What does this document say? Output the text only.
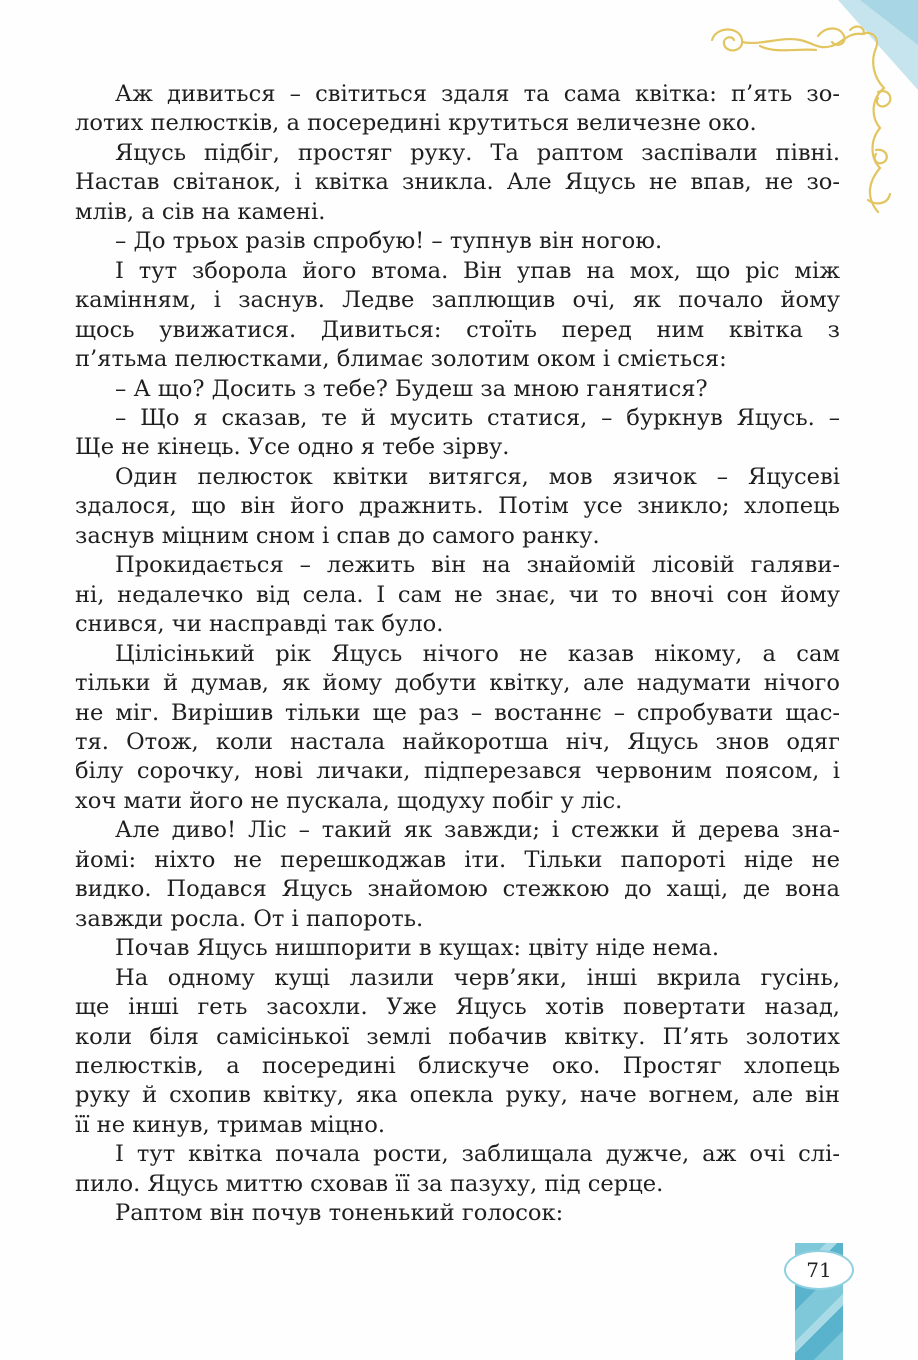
Аж дивиться – світиться здаля та сама квітка: п’ять зо-

лотих пелюстків, а посередині крутиться величезне око.

Яцусь підбіг, простяг руку. Та раптом заспівали півні.

Настав світанок, і квітка зникла. Але Яцусь не впав, не зо-

млів, а сів на камені.

– До трьох разів спробую! – тупнув він ногою.

І тут зборола його втома. Він упав на мох, що ріс між

камінням, і заснув. Ледве заплющив очі, як почало йому

щось увижатися. Дивиться: стоїть перед ним квітка з

п’ятьма пелюстками, блимає золотим оком і сміється:

– А що? Досить з тебе? Будеш за мною ганятися?

– Що я сказав, те й мусить статися, – буркнув Яцусь. –

Ще не кінець. Усе одно я тебе зірву.

Один пелюсток квітки витягся, мов язичок – Яцусеві

здалося, що він його дражнить. Потім усе зникло; хлопець

заснув міцним сном і спав до самого ранку.

Прокидається – лежить він на знайомій лісовій галяви-

ні, недалечко від села. І сам не знає, чи то вночі сон йому

снився, чи насправді так було.

Цілісінький рік Яцусь нічого не казав нікому, а сам

тільки й думав, як йому добути квітку, але надумати нічого

не міг. Вирішив тільки ще раз – востаннє – спробувати щас-

тя. Отож, коли настала найкоротша ніч, Яцусь знов одяг

білу сорочку, нові личаки, підперезався червоним поясом, і

хоч мати його не пускала, щодуху побіг у ліс.

Але диво! Ліс – такий як завжди; і стежки й дерева зна-

йомі: ніхто не перешкоджав іти. Тільки папороті ніде не

видко. Подався Яцусь знайомою стежкою до хащі, де вона

завжди росла. От і папороть.

Почав Яцусь нишпорити в кущах: цвіту ніде нема.

На одному кущі лазили черв’яки, інші вкрила гусінь,

ще інші геть засохли. Уже Яцусь хотів повертати назад,

коли біля самісінької землі побачив квітку. П’ять золотих

пелюстків, а посередині блискуче око. Простяг хлопець

руку й схопив квітку, яка опекла руку, наче вогнем, але він

її не кинув, тримав міцно.

І тут квітка почала рости, заблищала дужче, аж очі слі-

пило. Яцусь миттю сховав її за пазуху, під серце.

Раптом він почув тоненький голосок:

71
